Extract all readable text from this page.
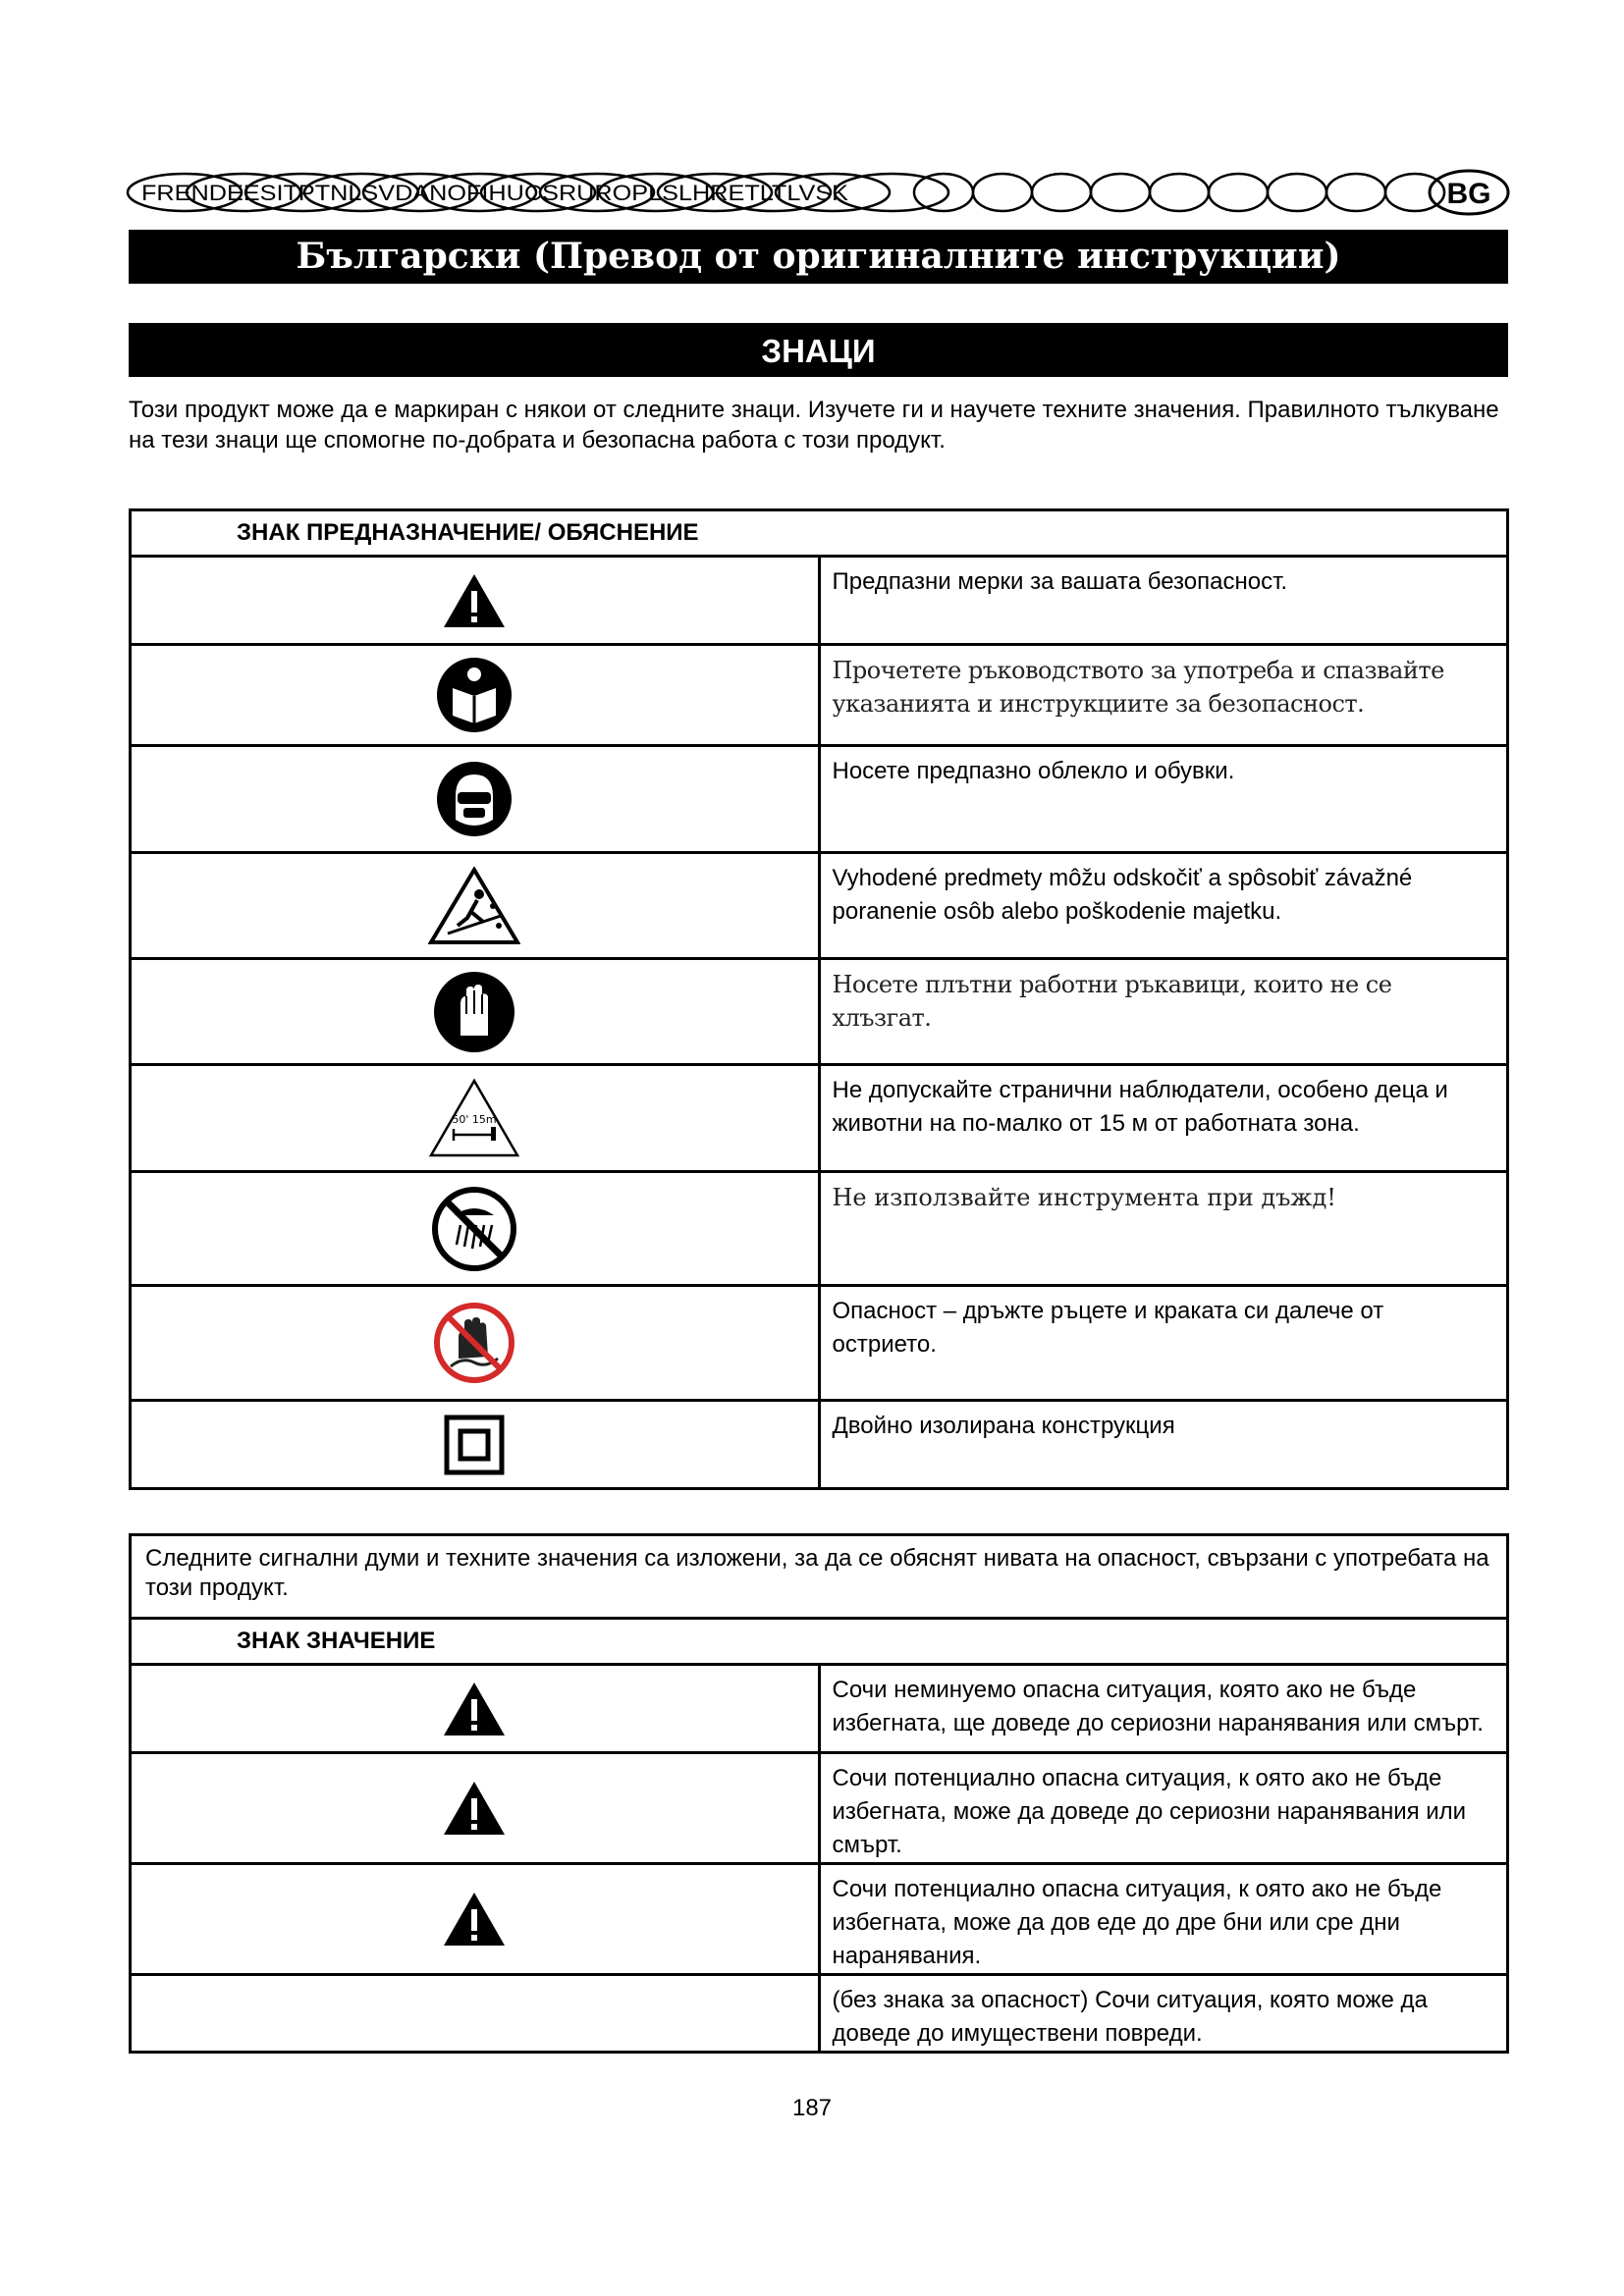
FRENDEESITPTNLSVDANOFIHUCSRUROPLSLHRETLTLVSK	BG
Български (Превод от оригиналните инструкции)
ЗНАЦИ
Този продукт може да е маркиран с някои от следните знаци. Изучете ги и научете техните значения. Правилното тълкуване на тези знаци ще спомогне по-добрата и безопасна работа с този продукт.
ЗНАК ПРЕДНАЗНАЧЕНИЕ/ ОБЯСНЕНИЕ	

	Предпазни мерки за вашата безопасност.

	Прочетете ръководството за употреба и спазвайте указанията и инструкциите за безопасност.

	Носете предпазно облекло и обувки.

	Vyhodené predmety môžu odskočiť a spôsobiť závažné poranenie osôb alebo poškodenie majetku.

	Носете плътни работни ръкавици, които не се хлъзгат.

50' 15m	Не допускайте странични наблюдатели, особено деца и животни на по-малко от 15 м от работната зона.

	Не използвайте инструмента при дъжд!

	Опасност – дръжте ръцете и краката си далече от острието.

	Двойно изолирана конструкция
Следните сигнални думи и техните значения са изложени, за да се обяснят нивата на опасност, свързани с употребата на този продукт.	
ЗНАК ЗНАЧЕНИЕ	

	Сочи неминуемо опасна ситуация, която ако не бъде избегната, ще доведе до сериозни наранявания или смърт.

	Сочи потенциално опасна ситуация, к оято ако не бъде избегната, може да доведе до сериозни наранявания или смърт.

	Сочи потенциално опасна ситуация, к оято ако не бъде избегната, може да дов еде до дре бни или сре дни наранявания.
	(без знака за опасност) Сочи ситуация, която може да доведе до имуществени повреди.
187
